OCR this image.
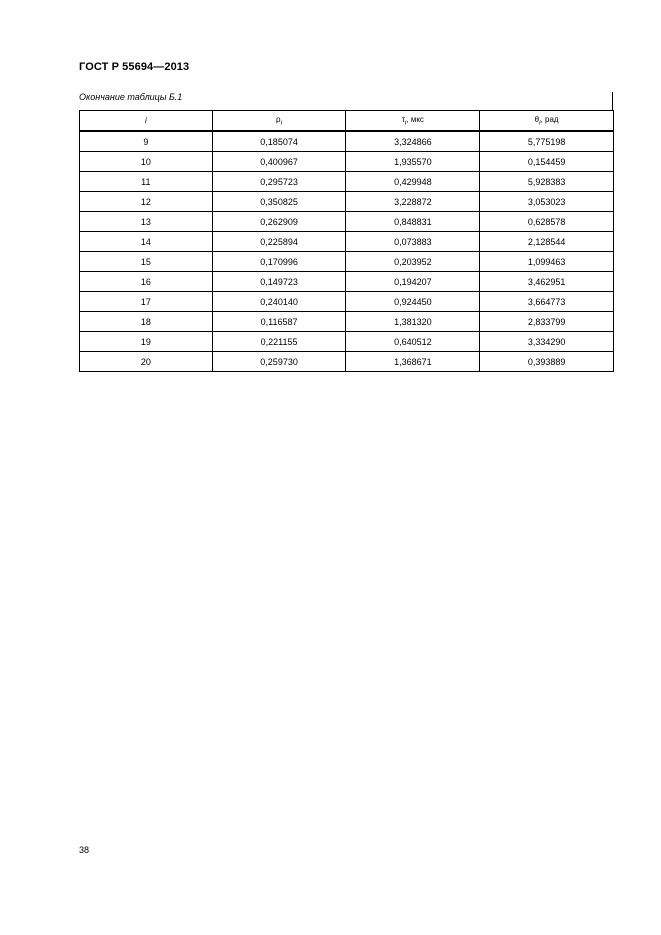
ГОСТ Р 55694—2013
Окончание таблицы Б.1
i	$\rho_i$	$\tau_i$, мкс	$\theta_i$, рад
9	0,185074	3,324866	5,775198
10	0,400967	1,935570	0,154459
11	0,295723	0,429948	5,928383
12	0,350825	3,228872	3,053023
13	0,262909	0,848831	0,628578
14	0,225894	0,073883	2,128544
15	0,170996	0,203952	1,099463
16	0,149723	0,194207	3,462951
17	0,240140	0,924450	3,664773
18	0,116587	1,381320	2,833799
19	0,221155	0,640512	3,334290
20	0,259730	1,368671	0,393889
38
